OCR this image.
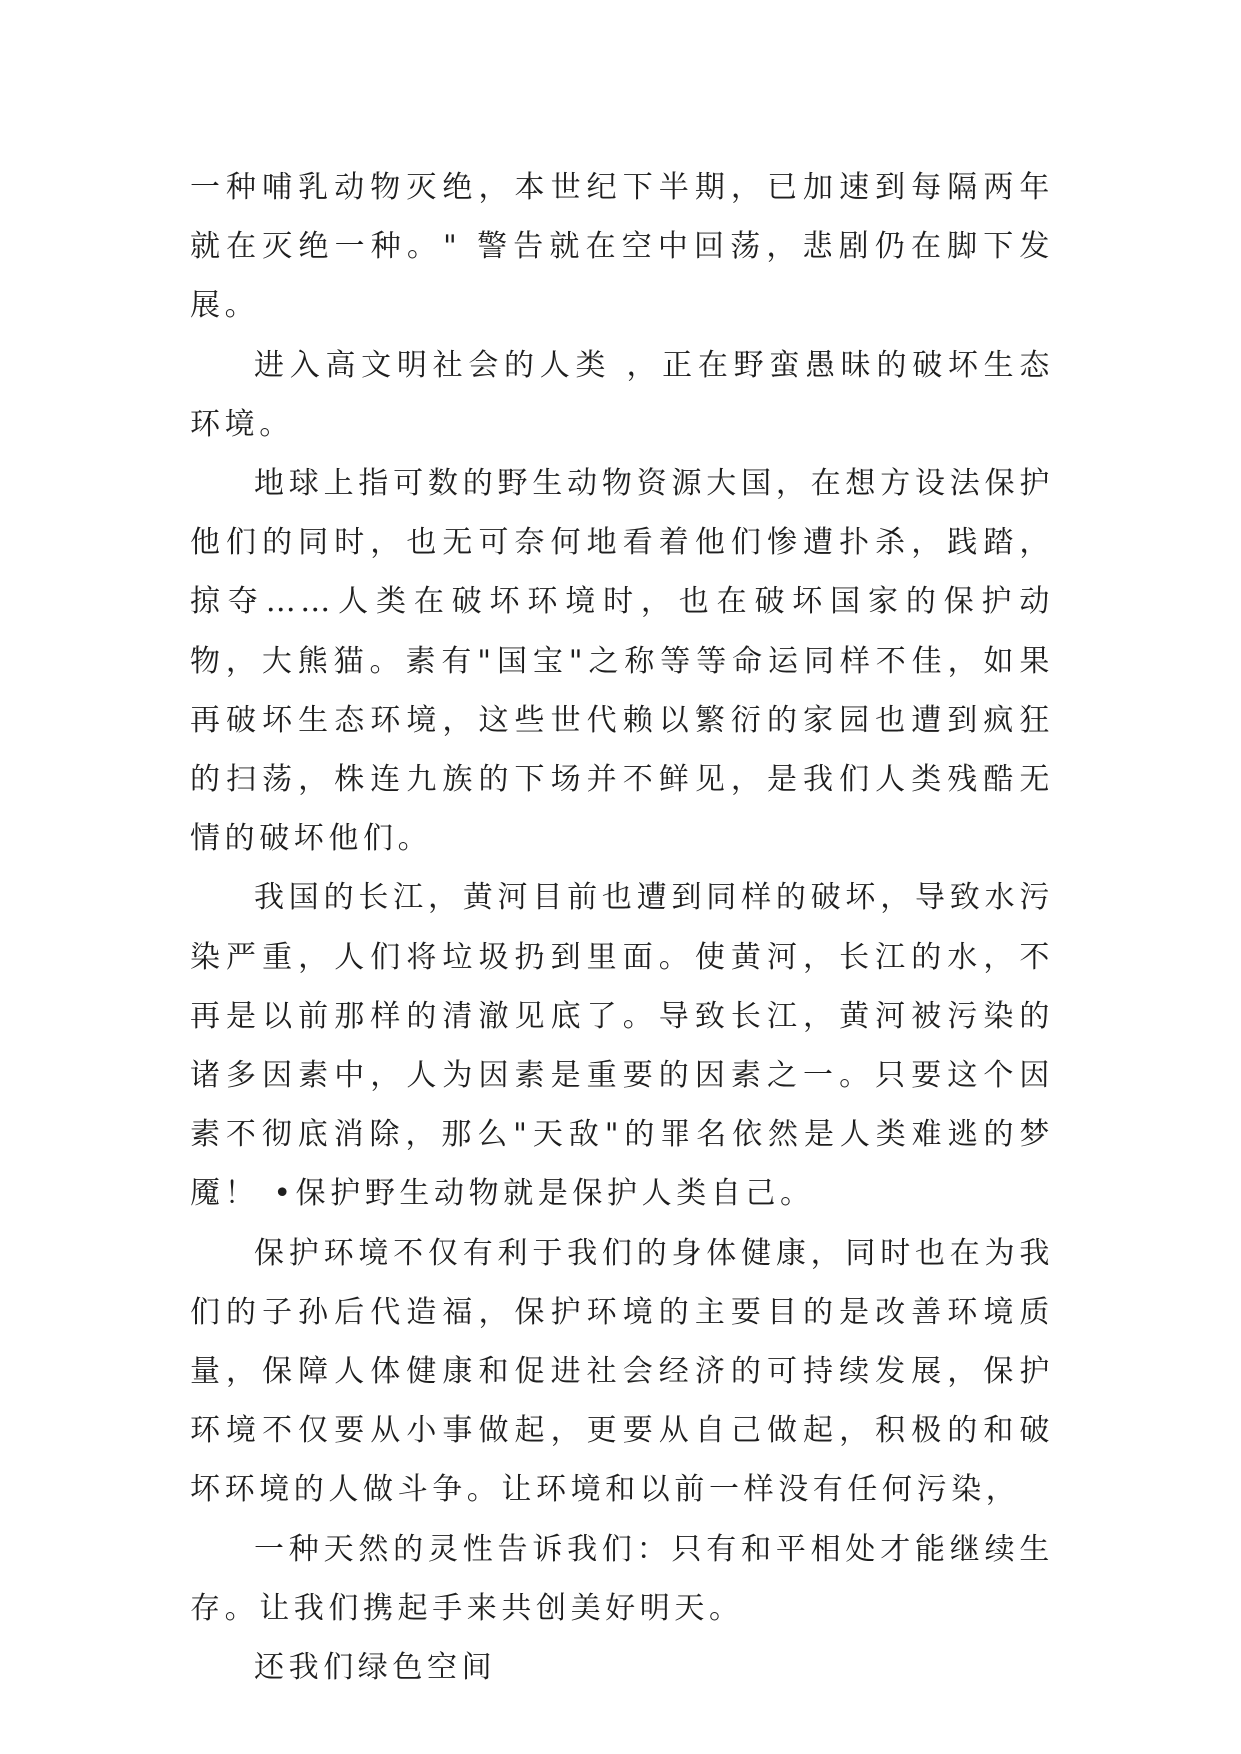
一种哺乳动物灭绝，本世纪下半期，已加速到每隔两年就在灭绝一种。" 警告就在空中回荡，悲剧仍在脚下发展。

进入高文明社会的人类 ，正在野蛮愚昧的破坏生态环境。

地球上指可数的野生动物资源大国，在想方设法保护他们的同时，也无可奈何地看着他们惨遭扑杀，践踏，掠夺……人类在破坏环境时，也在破坏国家的保护动物，大熊猫。素有"国宝"之称等等命运同样不佳，如果再破坏生态环境，这些世代赖以繁衍的家园也遭到疯狂的扫荡，株连九族的下场并不鲜见，是我们人类残酷无情的破坏他们。

我国的长江，黄河目前也遭到同样的破坏，导致水污染严重，人们将垃圾扔到里面。使黄河，长江的水，不再是以前那样的清澈见底了。导致长江，黄河被污染的诸多因素中，人为因素是重要的因素之一。只要这个因素不彻底消除，那么"天敌"的罪名依然是人类难逃的梦魇！ •保护野生动物就是保护人类自己。

保护环境不仅有利于我们的身体健康，同时也在为我们的子孙后代造福，保护环境的主要目的是改善环境质量，保障人体健康和促进社会经济的可持续发展，保护环境不仅要从小事做起，更要从自己做起，积极的和破坏环境的人做斗争。让环境和以前一样没有任何污染，

一种天然的灵性告诉我们：只有和平相处才能继续生存。让我们携起手来共创美好明天。

还我们绿色空间
